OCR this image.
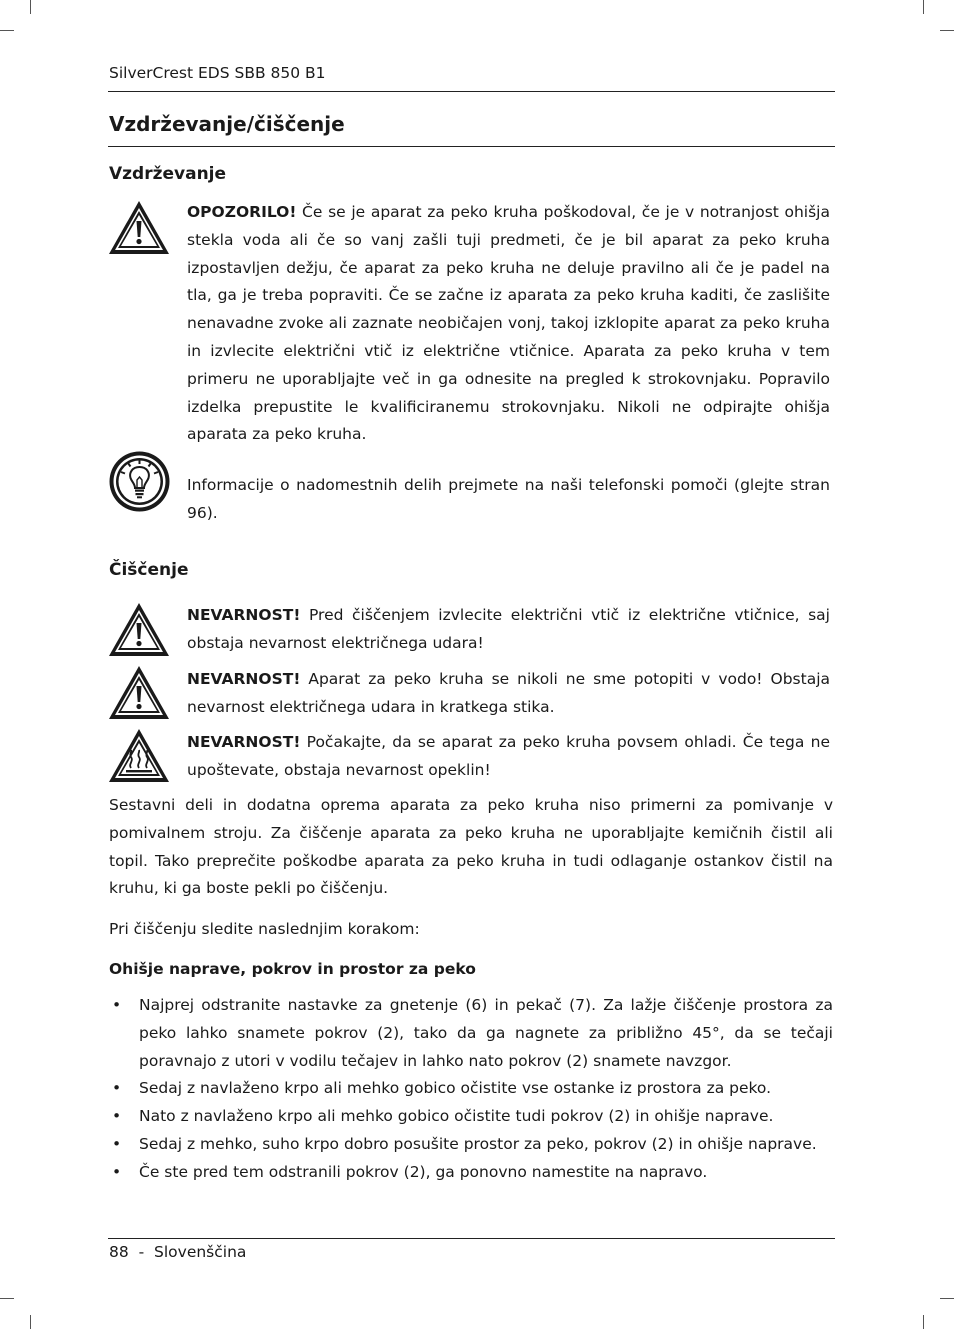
SilverCrest EDS SBB 850 B1
Vzdrževanje/čiščenje
Vzdrževanje
OPOZORILO! Če se je aparat za peko kruha poškodoval, če je v notranjost ohišja stekla voda ali če so vanj zašli tuji predmeti, če je bil aparat za peko kruha izpostavljen dežju, če aparat za peko kruha ne deluje pravilno ali če je padel na tla, ga je treba popraviti. Če se začne iz aparata za peko kruha kaditi, če zaslišite nenavadne zvoke ali zaznate neobičajen vonj, takoj izklopite aparat za peko kruha in izvlecite električni vtič iz električne vtičnice. Aparata za peko kruha v tem primeru ne uporabljajte več in ga odnesite na pregled k strokovnjaku. Popravilo izdelka prepustite le kvalificiranemu strokovnjaku. Nikoli ne odpirajte ohišja aparata za peko kruha.
Informacije o nadomestnih delih prejmete na naši telefonski pomoči (glejte stran 96).
Čiščenje
NEVARNOST! Pred čiščenjem izvlecite električni vtič iz električne vtičnice, saj obstaja nevarnost električnega udara!
NEVARNOST! Aparat za peko kruha se nikoli ne sme potopiti v vodo! Obstaja nevarnost električnega udara in kratkega stika.
NEVARNOST! Počakajte, da se aparat za peko kruha povsem ohladi. Če tega ne upoštevate, obstaja nevarnost opeklin!
Sestavni deli in dodatna oprema aparata za peko kruha niso primerni za pomivanje v pomivalnem stroju. Za čiščenje aparata za peko kruha ne uporabljajte kemičnih čistil ali topil. Tako preprečite poškodbe aparata za peko kruha in tudi odlaganje ostankov čistil na kruhu, ki ga boste pekli po čiščenju.
Pri čiščenju sledite naslednjim korakom:
Ohišje naprave, pokrov in prostor za peko
• Najprej odstranite nastavke za gnetenje (6) in pekač (7). Za lažje čiščenje prostora za peko lahko snamete pokrov (2), tako da ga nagnete za približno 45°, da se tečaji poravnajo z utori v vodilu tečajev in lahko nato pokrov (2) snamete navzgor.
• Sedaj z navlaženo krpo ali mehko gobico očistite vse ostanke iz prostora za peko.
• Nato z navlaženo krpo ali mehko gobico očistite tudi pokrov (2) in ohišje naprave.
• Sedaj z mehko, suho krpo dobro posušite prostor za peko, pokrov (2) in ohišje naprave.
• Če ste pred tem odstranili pokrov (2), ga ponovno namestite na napravo.
88  -  Slovenščina
